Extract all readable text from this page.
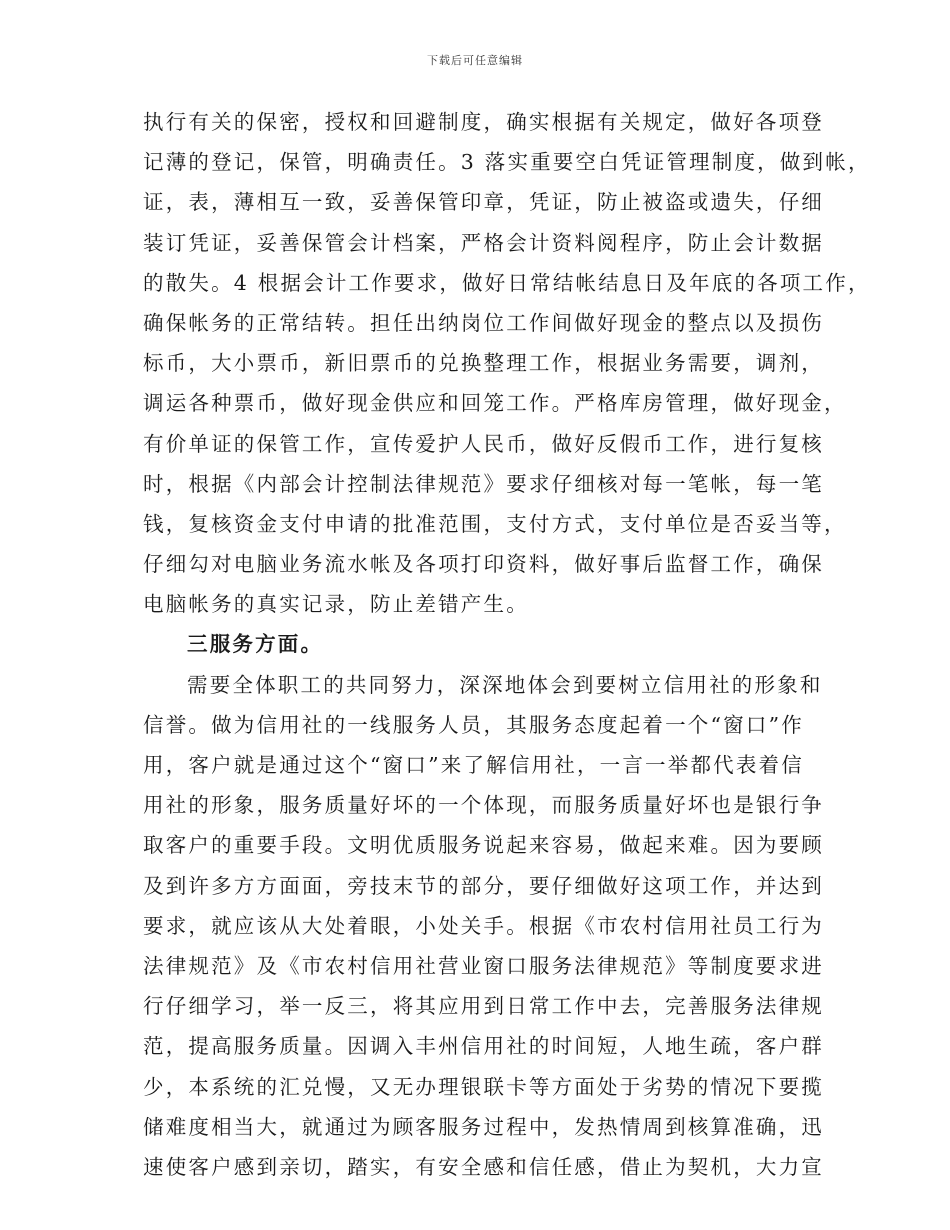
下载后可任意编辑
执行有关的保密，授权和回避制度，确实根据有关规定，做好各项登
记薄的登记，保管，明确责任。3 落实重要空白凭证管理制度，做到帐，
证，表，薄相互一致，妥善保管印章，凭证，防止被盗或遗失，仔细
装订凭证，妥善保管会计档案，严格会计资料阅程序，防止会计数据
的散失。4 根据会计工作要求，做好日常结帐结息日及年底的各项工作，
确保帐务的正常结转。担任出纳岗位工作间做好现金的整点以及损伤
标币，大小票币，新旧票币的兑换整理工作，根据业务需要，调剂，
调运各种票币，做好现金供应和回笼工作。严格库房管理，做好现金，
有价单证的保管工作，宣传爱护人民币，做好反假币工作，进行复核
时，根据《内部会计控制法律规范》要求仔细核对每一笔帐，每一笔
钱，复核资金支付申请的批准范围，支付方式，支付单位是否妥当等，
仔细勾对电脑业务流水帐及各项打印资料，做好事后监督工作，确保
电脑帐务的真实记录，防止差错产生。
三服务方面。
需要全体职工的共同努力，深深地体会到要树立信用社的形象和
信誉。做为信用社的一线服务人员，其服务态度起着一个“窗口”作
用，客户就是通过这个“窗口”来了解信用社，一言一举都代表着信
用社的形象，服务质量好坏的一个体现，而服务质量好坏也是银行争
取客户的重要手段。文明优质服务说起来容易，做起来难。因为要顾
及到许多方方面面，旁技末节的部分，要仔细做好这项工作，并达到
要求，就应该从大处着眼，小处关手。根据《市农村信用社员工行为
法律规范》及《市农村信用社营业窗口服务法律规范》等制度要求进
行仔细学习，举一反三，将其应用到日常工作中去，完善服务法律规
范，提高服务质量。因调入丰州信用社的时间短，人地生疏，客户群
少，本系统的汇兑慢，又无办理银联卡等方面处于劣势的情况下要揽
储难度相当大，就通过为顾客服务过程中，发热情周到核算准确，迅
速使客户感到亲切，踏实，有安全感和信任感，借止为契机，大力宣
